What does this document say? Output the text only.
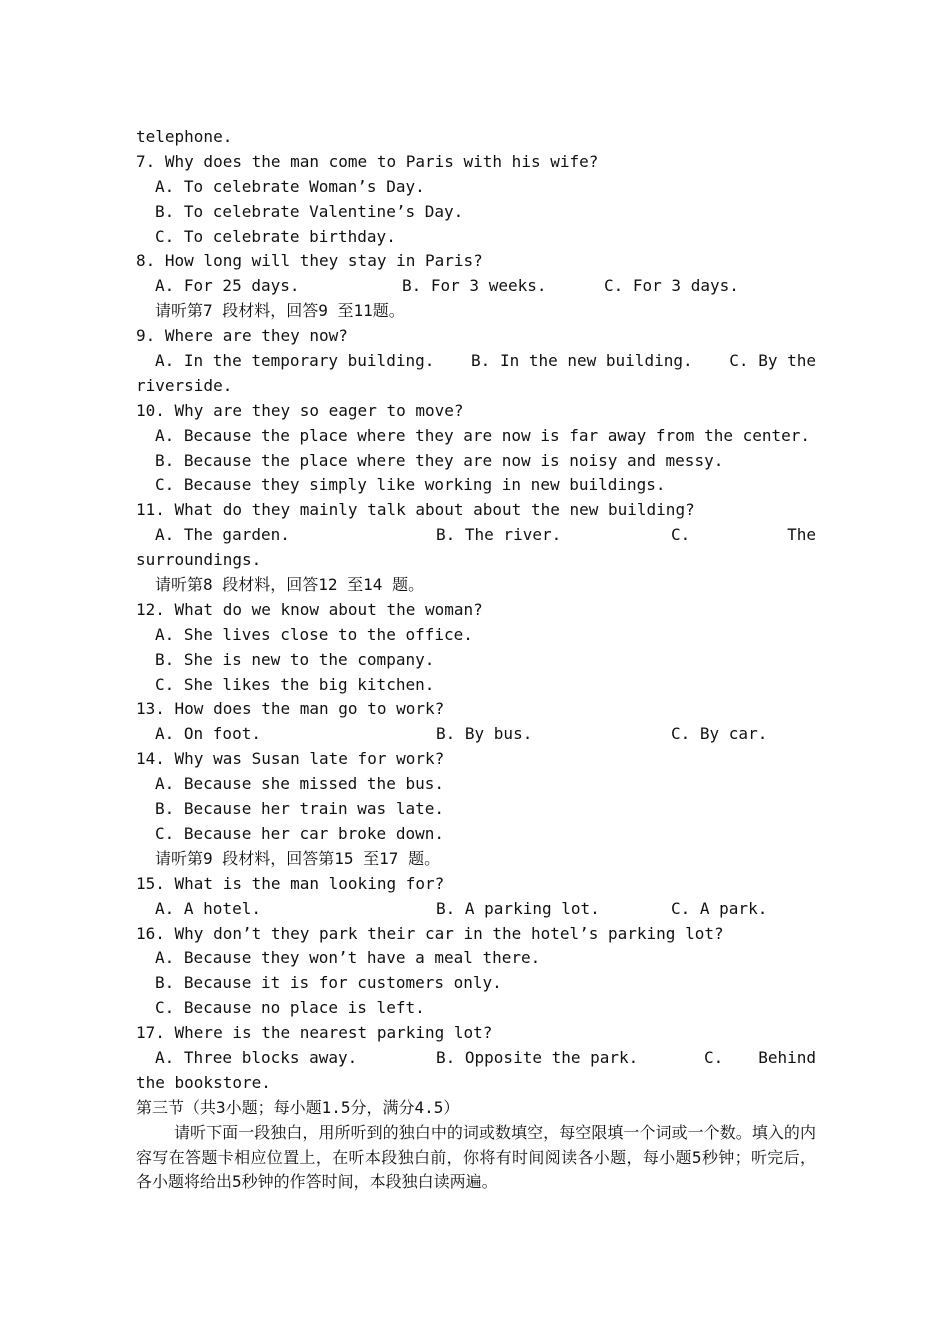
telephone.
7. Why does the man come to Paris with his wife?
A. To celebrate Woman’s Day.
B. To celebrate Valentine’s Day.
C. To celebrate birthday.
8. How long will they stay in Paris?

A. For 25 days.

	B. For 3 weeks.

	C. For 3 days.

请听第7 段材料，回答9 至11题。
9. Where are they now?
A. In the temporary building. B. In the new building. C. By the
riverside.
10. Why are they so eager to move?
A. Because the place where they are now is far away from the center.
B. Because the place where they are now is noisy and messy.
C. Because they simply like working in new buildings.
11. What do they mainly talk about about the new building?

A. The garden.

	B. The river.

	C.

	The

surroundings.
请听第8 段材料，回答12 至14 题。
12. What do we know about the woman?
A. She lives close to the office.
B. She is new to the company.
C. She likes the big kitchen.
13. How does the man go to work?

A. On foot.

	B. By bus.

	C. By car.

14. Why was Susan late for work?
A. Because she missed the bus.
B. Because her train was late.
C. Because her car broke down.
请听第9 段材料，回答第15 至17 题。
15. What is the man looking for?

A. A hotel.

	B. A parking lot.

	C. A park.

16. Why don’t they park their car in the hotel’s parking lot?
A. Because they won’t have a meal there.
B. Because it is for customers only.
C. Because no place is left.
17. Where is the nearest parking lot?

A. Three blocks away.

	B. Opposite the park.

	C.

Behind

the bookstore.
第三节（共3小题；每小题1.5分，满分4.5）
请听下面一段独白，用所听到的独白中的词或数填空，每空限填一个词或一个数。填入的内容写在答题卡相应位置上，在听本段独白前，你将有时间阅读各小题，每小题5秒钟；听完后，各小题将给出5秒钟的作答时间，本段独白读两遍。
